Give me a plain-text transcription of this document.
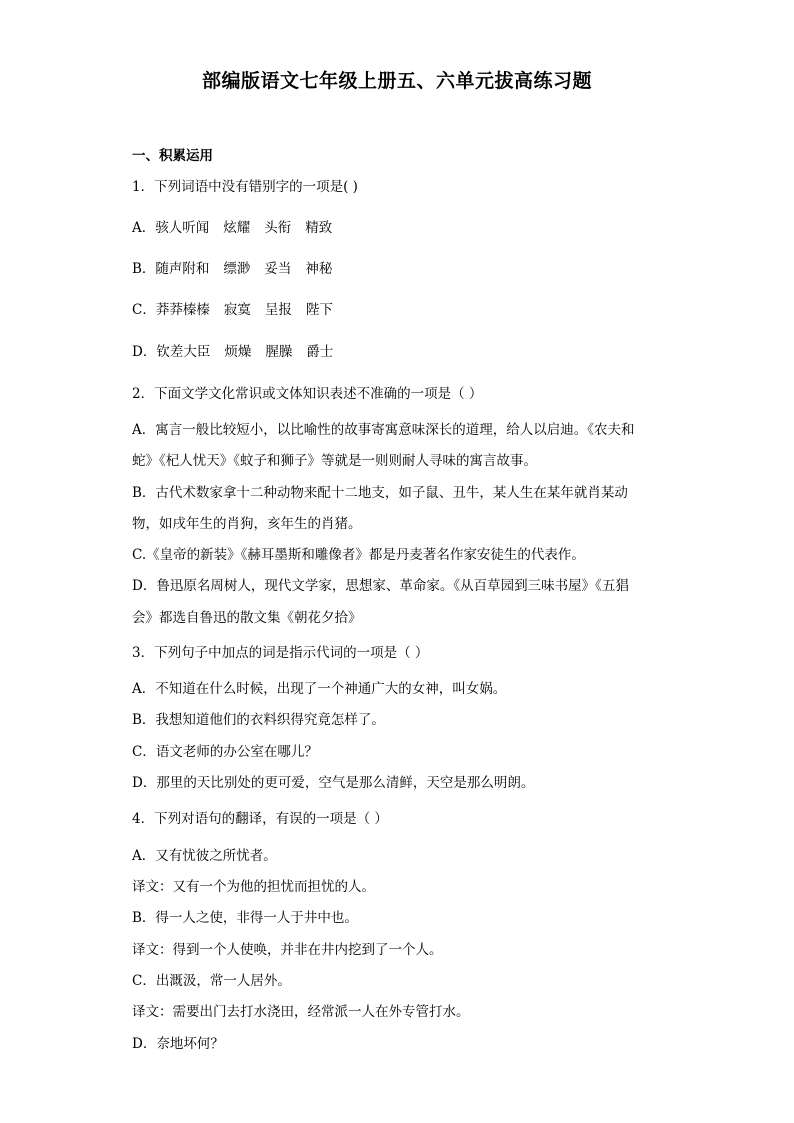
部编版语文七年级上册五、六单元拔高练习题
一、积累运用
1．下列词语中没有错别字的一项是( )
A．骇人听闻 炫耀 头衔 精致
B．随声附和 缥渺 妥当 神秘
C．莽莽榛榛 寂寞 呈报 陛下
D．钦差大臣 烦燥 腥臊 爵士
2．下面文学文化常识或文体知识表述不准确的一项是（ ）
A．寓言一般比较短小，以比喻性的故事寄寓意味深长的道理，给人以启迪。《农夫和
蛇》《杞人忧天》《蚊子和狮子》等就是一则则耐人寻味的寓言故事。
B．古代术数家拿十二种动物来配十二地支，如子鼠、丑牛，某人生在某年就肖某动
物，如戌年生的肖狗，亥年生的肖猪。
C.《皇帝的新装》《赫耳墨斯和雕像者》都是丹麦著名作家安徒生的代表作。
D．鲁迅原名周树人，现代文学家，思想家、革命家。《从百草园到三味书屋》《五猖
会》都选自鲁迅的散文集《朝花夕拾》
3．下列句子中加点的词是指示代词的一项是（ ）
A．不知道在什么时候，出现了一个神通广大的女神，叫女娲。
B．我想知道他们的衣料织得究竟怎样了。
C．语文老师的办公室在哪儿？
D．那里的天比别处的更可爱，空气是那么清鲜，天空是那么明朗。
4．下列对语句的翻译，有误的一项是（ ）
A．又有忧彼之所忧者。
译文：又有一个为他的担忧而担忧的人。
B．得一人之使，非得一人于井中也。
译文：得到一个人使唤，并非在井内挖到了一个人。
C．出溉汲，常一人居外。
译文：需要出门去打水浇田，经常派一人在外专管打水。
D．奈地坏何？
